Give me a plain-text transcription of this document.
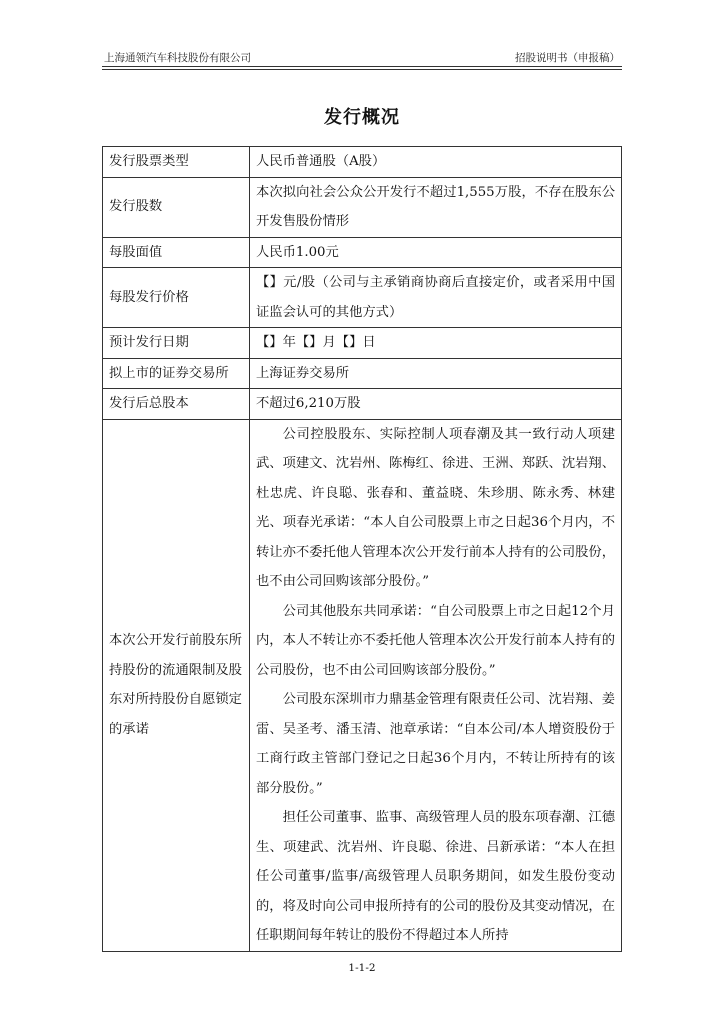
上海通领汽车科技股份有限公司	招股说明书（申报稿）
发行概况
发行股票类型	人民币普通股（A股）
发行股数	本次拟向社会公众公开发行不超过1,555万股，不存在股东公开发售股份情形

每股面值	人民币1.00元
每股发行价格	【】元/股（公司与主承销商协商后直接定价，或者采用中国证监会认可的其他方式）

预计发行日期	【】年【】月【】日
拟上市的证券交易所	上海证券交易所
发行后总股本	不超过6,210万股
本次公开发行前股东所持股份的流通限制及股东对所持股份自愿锁定的承诺	公司控股股东、实际控制人项春潮及其一致行动人项建武、项建文、沈岩州、陈梅红、徐进、王洲、郑跃、沈岩翔、杜忠虎、许良聪、张春和、董益晓、朱珍朋、陈永秀、林建光、项春光承诺：“本人自公司股票上市之日起36个月内，不转让亦不委托他人管理本次公开发行前本人持有的公司股份，也不由公司回购该部分股份。”

公司其他股东共同承诺：“自公司股票上市之日起12个月内，本人不转让亦不委托他人管理本次公开发行前本人持有的公司股份，也不由公司回购该部分股份。”

公司股东深圳市力鼎基金管理有限责任公司、沈岩翔、姜雷、吴圣考、潘玉清、池章承诺：“自本公司/本人增资股份于工商行政主管部门登记之日起36个月内，不转让所持有的该部分股份。”

担任公司董事、监事、高级管理人员的股东项春潮、江德生、项建武、沈岩州、许良聪、徐进、吕新承诺：“本人在担任公司董事/监事/高级管理人员职务期间，如发生股份变动的，将及时向公司申报所持有的公司的股份及其变动情况，在任职期间每年转让的股份不得超过本人所持

1-1-2
